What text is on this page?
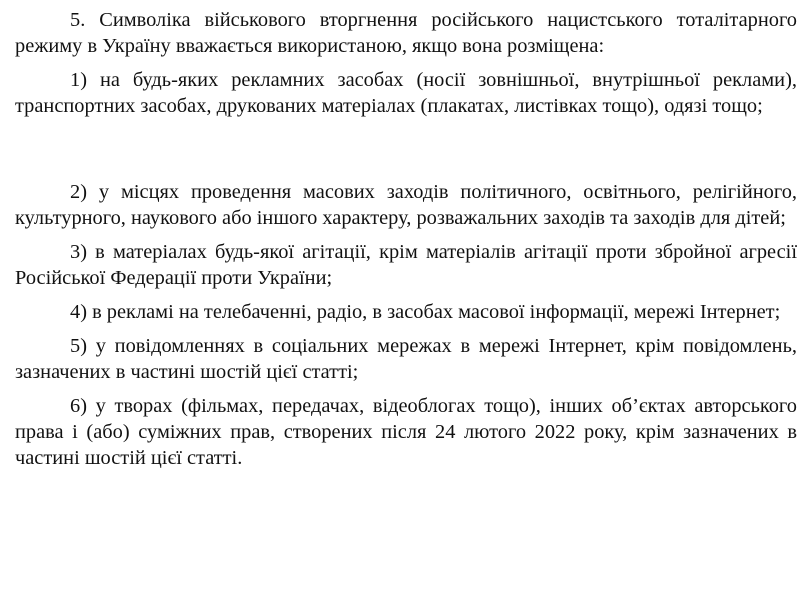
5. Символіка військового вторгнення російського нацистського тоталітарного режиму в Україну вважається використаною, якщо вона розміщена:

1) на будь-яких рекламних засобах (носії зовнішньої, внутрішньої реклами), транспортних засобах, друкованих матеріалах (плакатах, листівках тощо), одязі тощо;

2) у місцях проведення масових заходів політичного, освітнього, релігійного, культурного, наукового або іншого характеру, розважальних заходів та заходів для дітей;

3) в матеріалах будь-якої агітації, крім матеріалів агітації проти збройної агресії Російської Федерації проти України;

4) в рекламі на телебаченні, радіо, в засобах масової інформації, мережі Інтернет;

5) у повідомленнях в соціальних мережах в мережі Інтернет, крім повідомлень, зазначених в частині шостій цієї статті;

6) у творах (фільмах, передачах, відеоблогах тощо), інших об’єктах авторського права і (або) суміжних прав, створених після 24 лютого 2022 року, крім зазначених в частині шостій цієї статті.
